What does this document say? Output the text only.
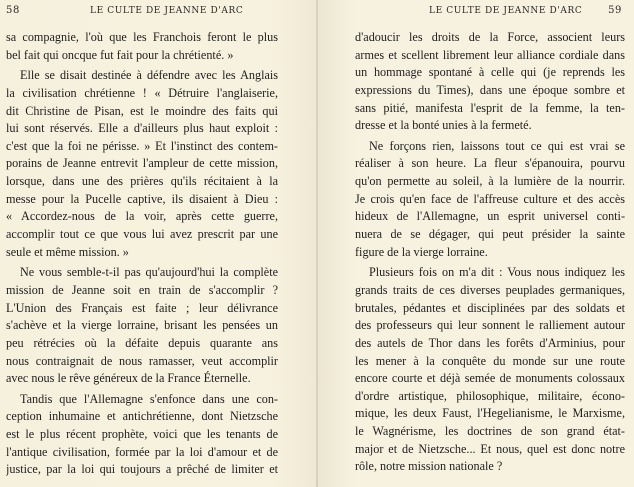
58	LE CULTE DE JEANNE D'ARC
sa compagnie, l'où que les Franchois feront le plus
bel fait qui oncque fut fait pour la chrétienté. »
Elle se disait destinée à défendre avec les Anglais
la civilisation chrétienne ! « Détruire l'anglaiserie,
dit Christine de Pisan, est le moindre des faits qui
lui sont réservés. Elle a d'ailleurs plus haut exploit :
c'est que la foi ne périsse. » Et l'instinct des contem-
porains de Jeanne entrevit l'ampleur de cette mission,
lorsque, dans une des prières qu'ils récitaient à la
messe pour la Pucelle captive, ils disaient à Dieu :
« Accordez-nous de la voir, après cette guerre,
accomplir tout ce que vous lui avez prescrit par une
seule et même mission. »
Ne vous semble-t-il pas qu'aujourd'hui la complète
mission de Jeanne soit en train de s'accomplir ?
L'Union des Français est faite ; leur délivrance
s'achève et la vierge lorraine, brisant les pensées un
peu rétrécies où la défaite depuis quarante ans
nous contraignait de nous ramasser, veut accomplir
avec nous le rêve généreux de la France Éternelle.
Tandis que l'Allemagne s'enfonce dans une con-
ception inhumaine et antichrétienne, dont Nietzsche
est le plus récent prophète, voici que les tenants de
l'antique civilisation, formée par la loi d'amour et de
justice, par la loi qui toujours a prêché de limiter et
LE CULTE DE JEANNE D'ARC	59
d'adoucir les droits de la Force, associent leurs
armes et scellent librement leur alliance cordiale dans
un hommage spontané à celle qui (je reprends les
expressions du Times), dans une époque sombre et
sans pitié, manifesta l'esprit de la femme, la ten-
dresse et la bonté unies à la fermeté.
Ne forçons rien, laissons tout ce qui est vrai se
réaliser à son heure. La fleur s'épanouira, pourvu
qu'on permette au soleil, à la lumière de la nourrir.
Je crois qu'en face de l'affreuse culture et des accès
hideux de l'Allemagne, un esprit universel conti-
nuera de se dégager, qui peut présider la sainte
figure de la vierge lorraine.
Plusieurs fois on m'a dit : Vous nous indiquez les
grands traits de ces diverses peuplades germaniques,
brutales, pédantes et disciplinées par des soldats et
des professeurs qui leur sonnent le ralliement autour
des autels de Thor dans les forêts d'Arminius, pour
les mener à la conquête du monde sur une route
encore courte et déjà semée de monuments colossaux
d'ordre artistique, philosophique, militaire, écono-
mique, les deux Faust, l'Hegelianisme, le Marxisme,
le Wagnérisme, les doctrines de son grand état-
major et de Nietzsche... Et nous, quel est donc notre
rôle, notre mission nationale ?
